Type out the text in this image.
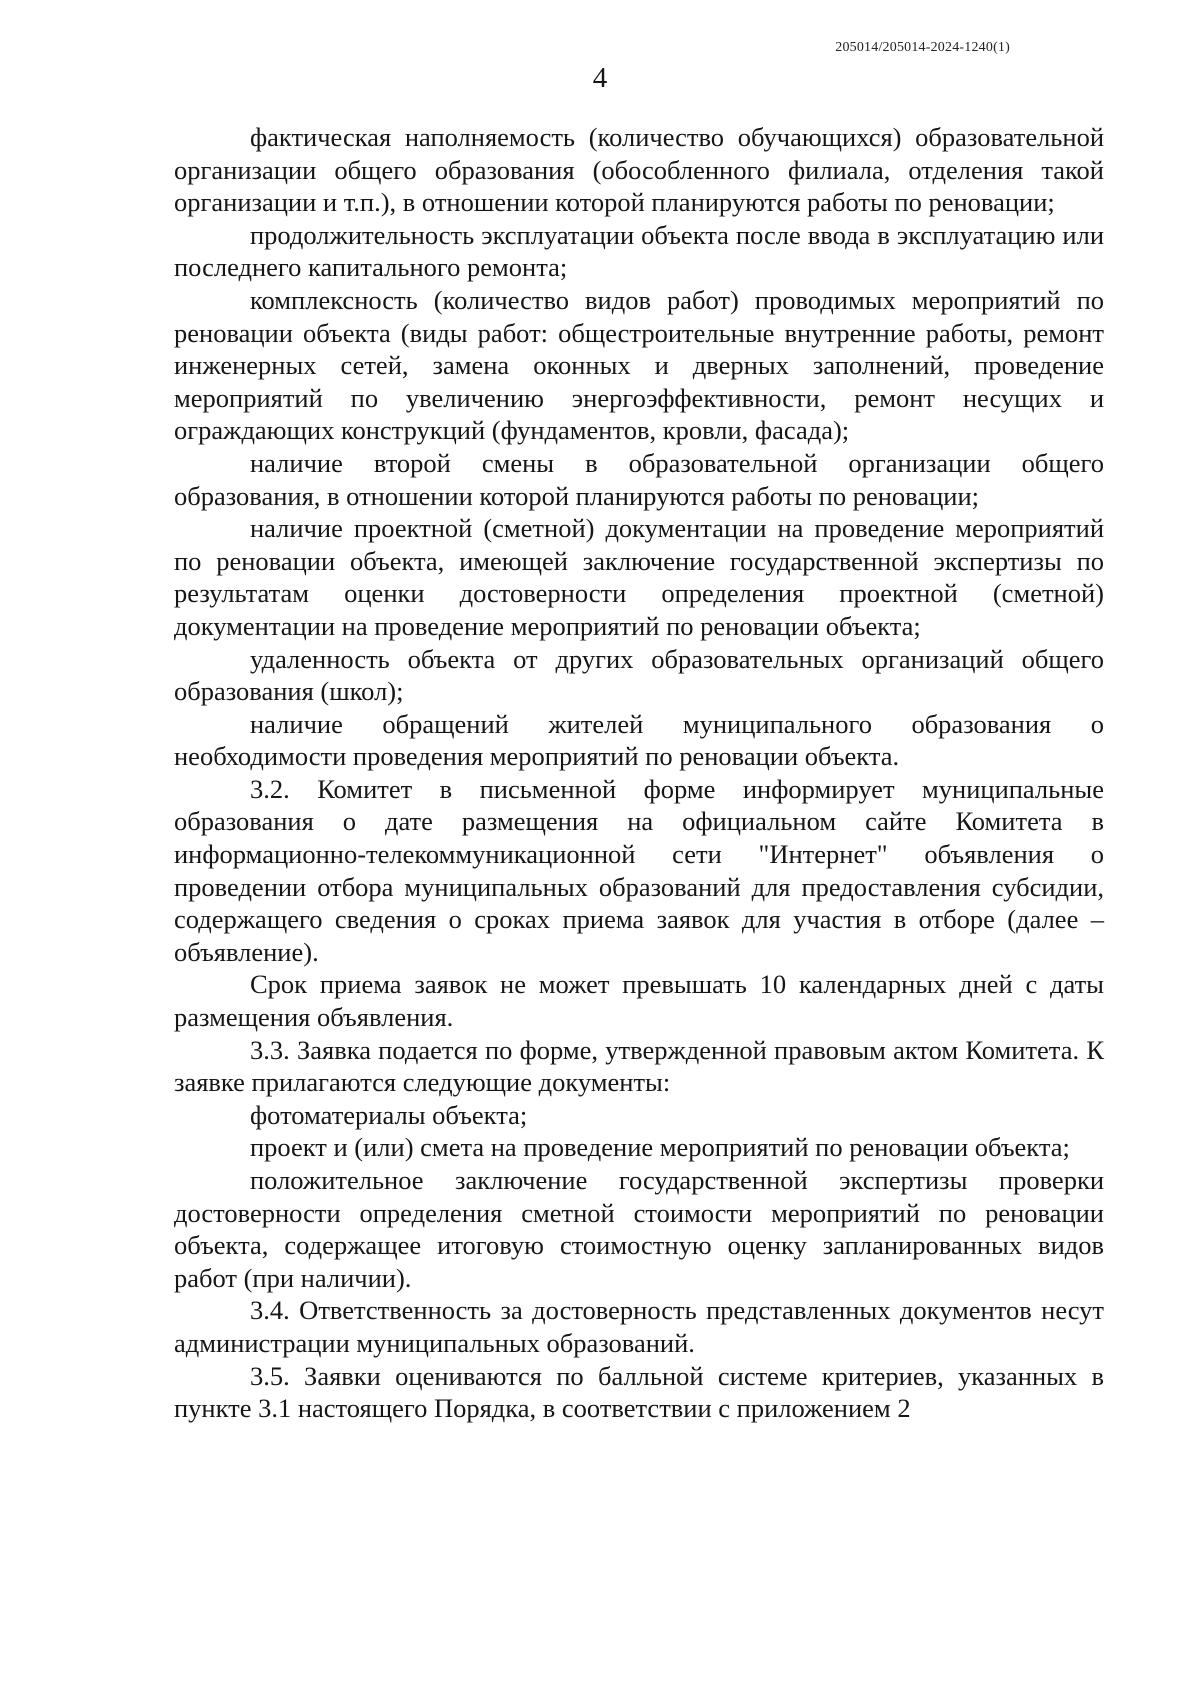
205014/205014-2024-1240(1)
4

фактическая наполняемость (количество обучающихся) образовательной организации общего образования (обособленного филиала, отделения такой организации и т.п.), в отношении которой планируются работы по реновации;

продолжительность эксплуатации объекта после ввода в эксплуатацию или последнего капитального ремонта;

комплексность (количество видов работ) проводимых мероприятий по реновации объекта (виды работ: общестроительные внутренние работы, ремонт инженерных сетей, замена оконных и дверных заполнений, проведение мероприятий по увеличению энергоэффективности, ремонт несущих и ограждающих конструкций (фундаментов, кровли, фасада);

наличие второй смены в образовательной организации общего образования, в отношении которой планируются работы по реновации;

наличие проектной (сметной) документации на проведение мероприятий по реновации объекта, имеющей заключение государственной экспертизы по результатам оценки достоверности определения проектной (сметной) документации на проведение мероприятий по реновации объекта;

удаленность объекта от других образовательных организаций общего образования (школ);

наличие обращений жителей муниципального образования о необходимости проведения мероприятий по реновации объекта.

3.2. Комитет в письменной форме информирует муниципальные образования о дате размещения на официальном сайте Комитета в информационно-телекоммуникационной сети "Интернет" объявления о проведении отбора муниципальных образований для предоставления субсидии, содержащего сведения о сроках приема заявок для участия в отборе (далее – объявление).

Срок приема заявок не может превышать 10 календарных дней с даты размещения объявления.

3.3. Заявка подается по форме, утвержденной правовым актом Комитета. К заявке прилагаются следующие документы:

фотоматериалы объекта;

проект и (или) смета на проведение мероприятий по реновации объекта;

положительное заключение государственной экспертизы проверки достоверности определения сметной стоимости мероприятий по реновации объекта, содержащее итоговую стоимостную оценку запланированных видов работ (при наличии).

3.4. Ответственность за достоверность представленных документов несут администрации муниципальных образований.

3.5. Заявки оцениваются по балльной системе критериев, указанных в пункте 3.1 настоящего Порядка, в соответствии с приложением 2
